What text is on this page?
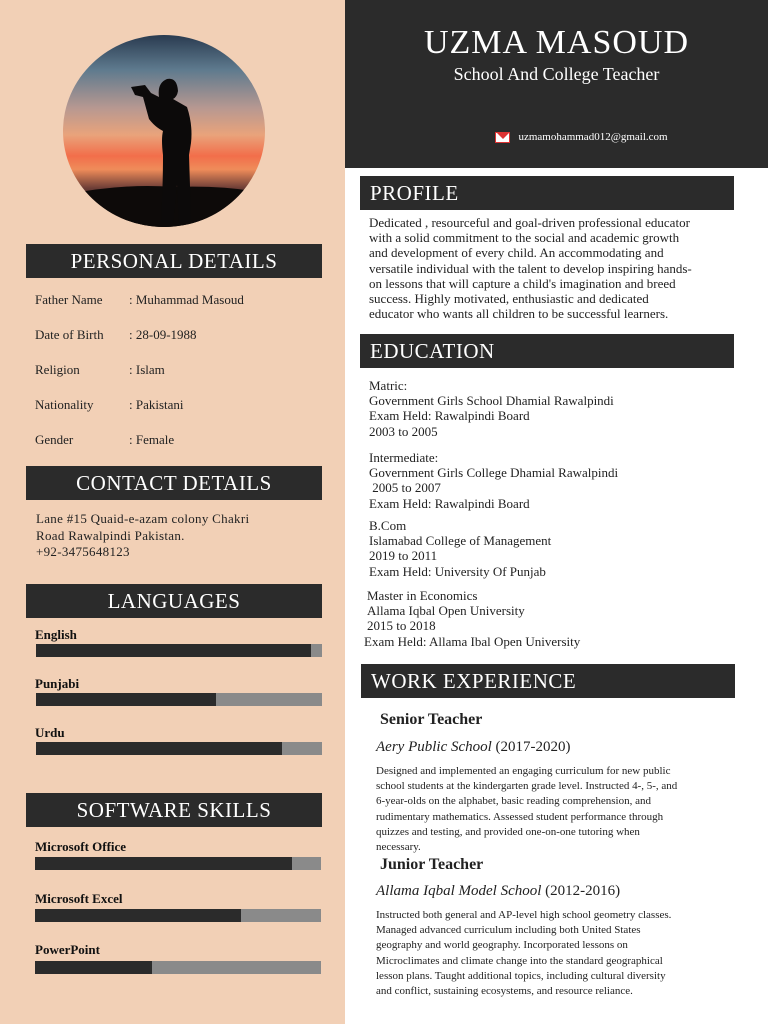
UZMA MASOUD
School And College Teacher
uzmamohammad012@gmail.com
PERSONAL DETAILS
Father Name : Muhammad Masoud
Date of Birth : 28-09-1988
Religion	: Islam
Nationality	: Pakistani
Gender	: Female
CONTACT DETAILS
Lane #15 Quaid-e-azam colony Chakri
Road Rawalpindi Pakistan.
+92-3475648123
LANGUAGES
English
Punjabi
Urdu
SOFTWARE SKILLS
Microsoft Office
Microsoft Excel
PowerPoint
PROFILE
Dedicated , resourceful and goal-driven professional educator
with a solid commitment to the social and academic growth
and development of every child. An accommodating and
versatile individual with the talent to develop inspiring hands-
on lessons that will capture a child's imagination and breed
success. Highly motivated, enthusiastic and dedicated
educator who wants all children to be successful learners.
EDUCATION
Matric:
Government Girls School Dhamial Rawalpindi
Exam Held: Rawalpindi Board
2003 to 2005
Intermediate:
Government Girls College Dhamial Rawalpindi
2005 to 2007
Exam Held: Rawalpindi Board
B.Com
Islamabad College of Management
2019 to 2011
Exam Held: University Of Punjab
Master in Economics
Allama Iqbal Open University
2015 to 2018
Exam Held: Allama Ibal Open University
WORK EXPERIENCE
Senior Teacher
Aery Public School (2017-2020)
Designed and implemented an engaging curriculum for new public
school students at the kindergarten grade level. Instructed 4-, 5-, and
6-year-olds on the alphabet, basic reading comprehension, and
rudimentary mathematics. Assessed student performance through
quizzes and testing, and provided one-on-one tutoring when
necessary.
Junior Teacher
Allama Iqbal Model School (2012-2016)
Instructed both general and AP-level high school geometry classes.
Managed advanced curriculum including both United States
geography and world geography. Incorporated lessons on
Microclimates and climate change into the standard geographical
lesson plans. Taught additional topics, including cultural diversity
and conflict, sustaining ecosystems, and resource reliance.
